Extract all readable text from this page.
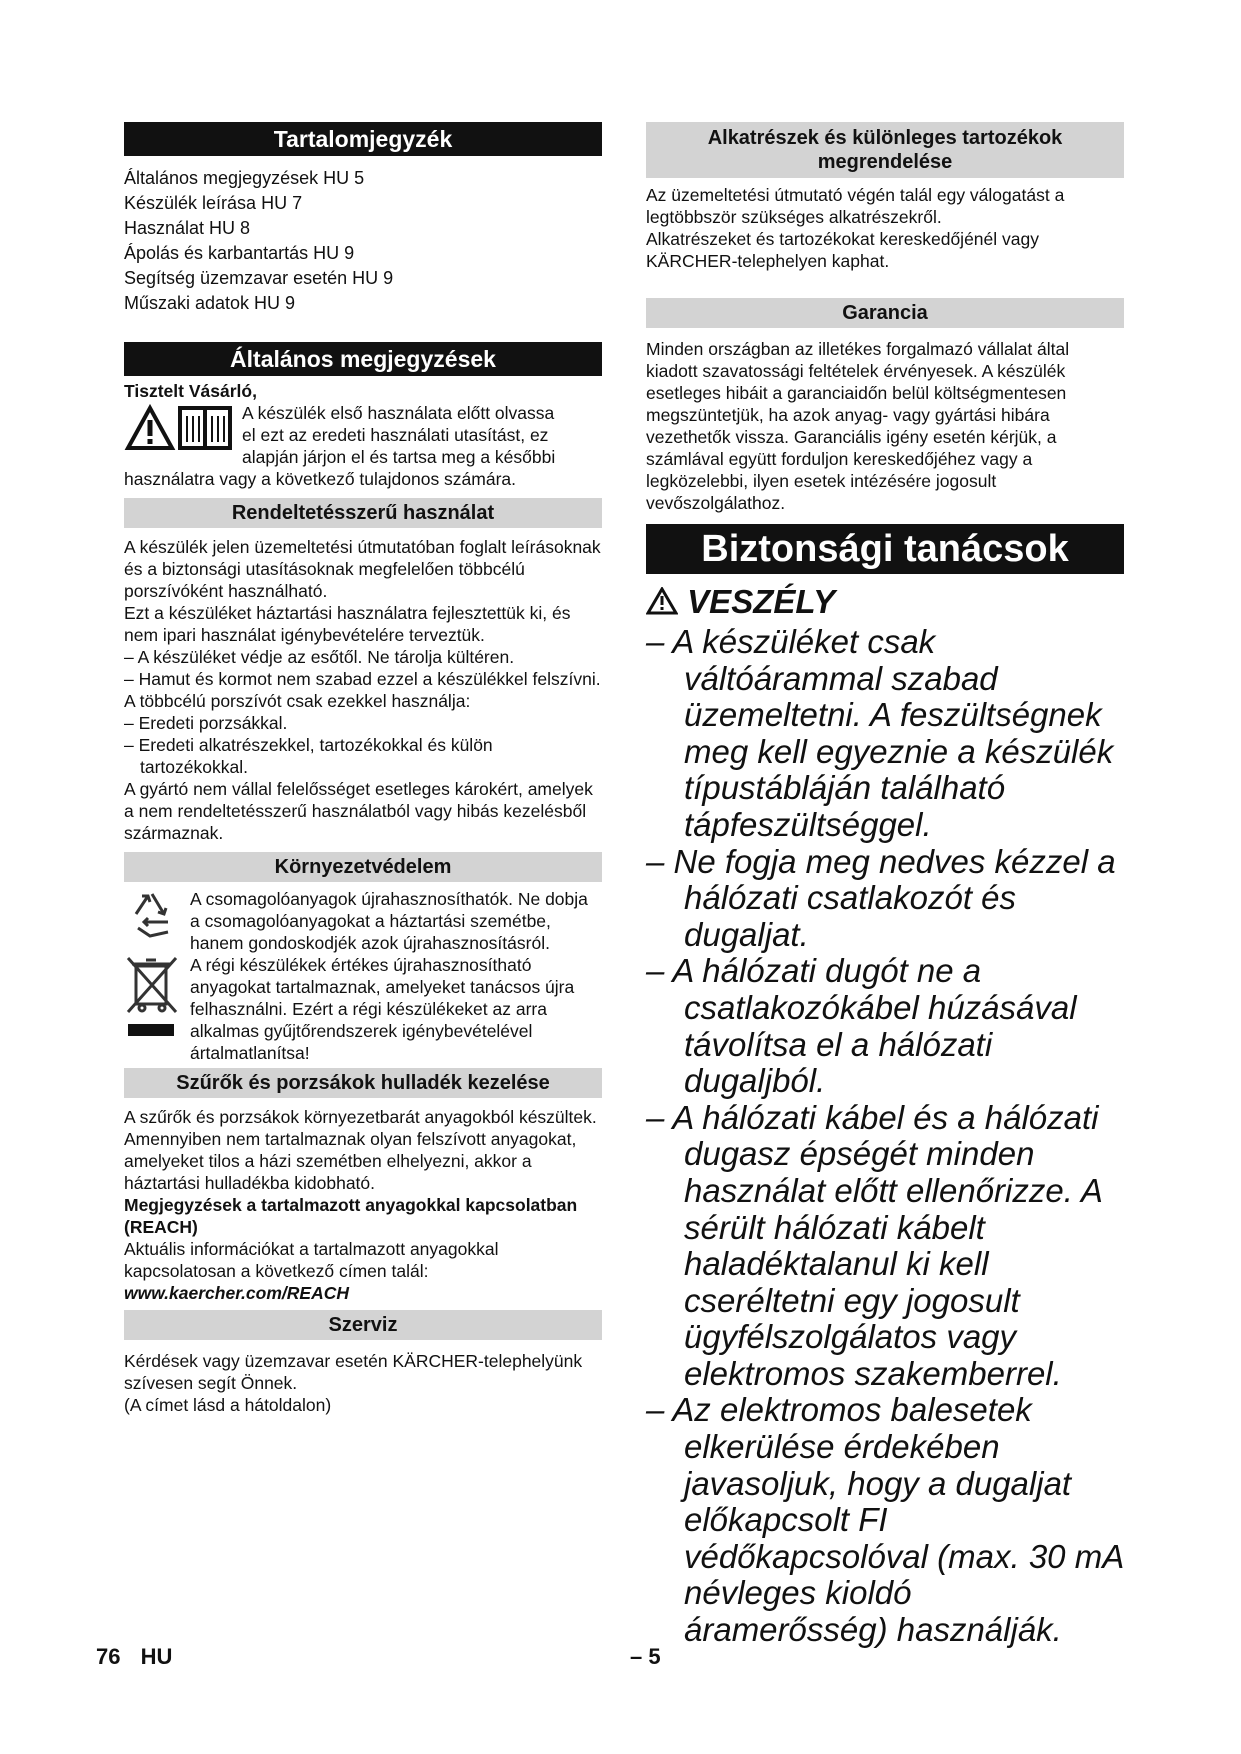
Tartalomjegyzék
Általános megjegyzések HU 5
Készülék leírása HU 7
Használat HU 8
Ápolás és karbantartás HU 9
Segítség üzemzavar esetén HU 9
Műszaki adatok HU 9
Általános megjegyzések
Tisztelt Vásárló,
A készülék első használata előtt olvassa
el ezt az eredeti használati utasítást, ez
alapján járjon el és tartsa meg a későbbi
használatra vagy a következő tulajdonos számára.
Rendeltetésszerű használat
A készülék jelen üzemeltetési útmutatóban foglalt leírásoknak és a biztonsági utasításoknak megfelelően többcélú porszívóként használható.
Ezt a készüléket háztartási használatra fejlesztettük ki, és nem ipari használat igénybevételére terveztük.
– A készüléket védje az esőtől. Ne tárolja kültéren.
– Hamut és kormot nem szabad ezzel a készülékkel felszívni.
A többcélú porszívót csak ezekkel használja:
– Eredeti porzsákkal.
– Eredeti alkatrészekkel, tartozékokkal és külön tartozékokkal.
A gyártó nem vállal felelősséget esetleges károkért, amelyek a nem rendeltetésszerű használatból vagy hibás kezelésből származnak.
Környezetvédelem
A csomagolóanyagok újrahasznosíthatók. Ne dobja a csomagolóanyagokat a háztartási szemétbe, hanem gondoskodjék azok újrahasznosításról.
A régi készülékek értékes újrahasznosítható anyagokat tartalmaznak, amelyeket tanácsos újra felhasználni. Ezért a régi készülékeket az arra alkalmas gyűjtőrendszerek igénybevételével ártalmatlanítsa!
Szűrők és porzsákok hulladék kezelése
A szűrők és porzsákok környezetbarát anyagokból készültek.
Amennyiben nem tartalmaznak olyan felszívott anyagokat, amelyeket tilos a házi szemétben elhelyezni, akkor a háztartási hulladékba kidobható.
Megjegyzések a tartalmazott anyagokkal kapcsolatban (REACH)
Aktuális információkat a tartalmazott anyagokkal kapcsolatosan a következő címen talál:
www.kaercher.com/REACH
Szerviz
Kérdések vagy üzemzavar esetén KÄRCHER-telephelyünk szívesen segít Önnek.
(A címet lásd a hátoldalon)
Alkatrészek és különleges tartozékok megrendelése
Az üzemeltetési útmutató végén talál egy válogatást a legtöbbször szükséges alkatrészekről.
Alkatrészeket és tartozékokat kereskedőjénél vagy KÄRCHER-telephelyen kaphat.
Garancia
Minden országban az illetékes forgalmazó vállalat által kiadott szavatossági feltételek érvényesek. A készülék esetleges hibáit a garanciaidőn belül költségmentesen megszüntetjük, ha azok anyag- vagy gyártási hibára vezethetők vissza. Garanciális igény esetén kérjük, a számlával együtt forduljon kereskedőjéhez vagy a legközelebbi, ilyen esetek intézésére jogosult vevőszolgálathoz.
Biztonsági tanácsok
VESZÉLY
– A készüléket csak váltóárammal szabad üzemeltetni. A feszültségnek meg kell egyeznie a készülék típustábláján található tápfeszültséggel.
– Ne fogja meg nedves kézzel a hálózati csatlakozót és dugaljat.
– A hálózati dugót ne a csatlakozókábel húzásával távolítsa el a hálózati dugaljból.
– A hálózati kábel és a hálózati dugasz épségét minden használat előtt ellenőrizze. A sérült hálózati kábelt haladéktalanul ki kell cseréltetni egy jogosult ügyfélszolgálatos vagy elektromos szakemberrel.
– Az elektromos balesetek elkerülése érdekében javasoljuk, hogy a dugaljat előkapcsolt FI védőkapcsolóval (max. 30 mA névleges kioldó áramerősség) használják.
76 HU	– 5
